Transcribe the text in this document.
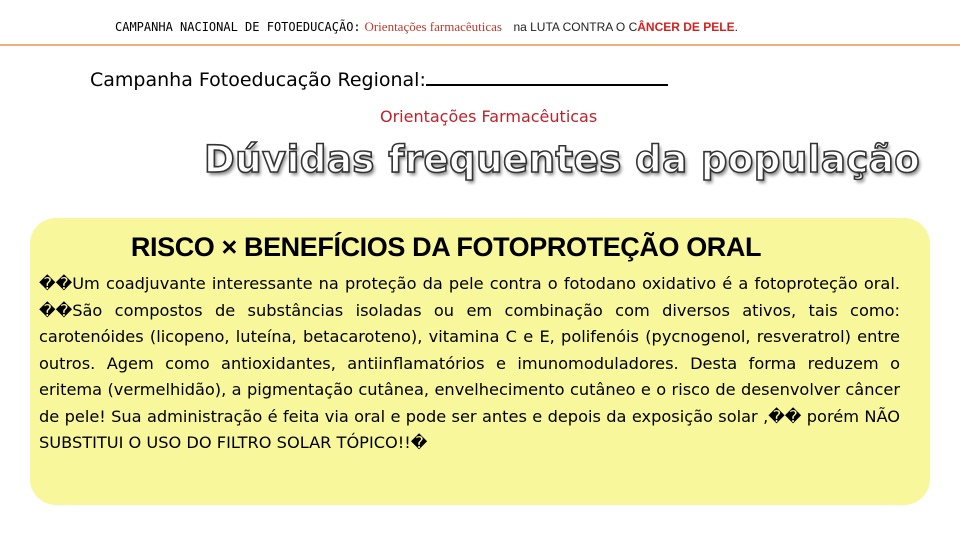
CAMPANHA NACIONAL DE FOTOEDUCAÇÃO: Orientações farmacêuticas na LUTA CONTRA O CÂNCER DE PELE.
Campanha Fotoeducação Regional:
Orientações Farmacêuticas
Dúvidas frequentes da população
RISCO × BENEFÍCIOS DA FOTOPROTEÇÃO ORAL
��Um coadjuvante interessante na proteção da pele contra o fotodano oxidativo é a fotoproteção oral. ��São compostos de substâncias isoladas ou em combinação com diversos ativos, tais como: carotenóides (licopeno, luteína, betacaroteno), vitamina C e E, polifenóis (pycnogenol, resveratrol) entre outros. Agem como antioxidantes, antiinflamatórios e imunomoduladores. Desta forma reduzem o eritema (vermelhidão), a pigmentação cutânea, envelhecimento cutâneo e o risco de desenvolver câncer de pele! Sua administração é feita via oral e pode ser antes e depois da exposição solar ,�� porém NÃO SUBSTITUI O USO DO FILTRO SOLAR TÓPICO!!�
